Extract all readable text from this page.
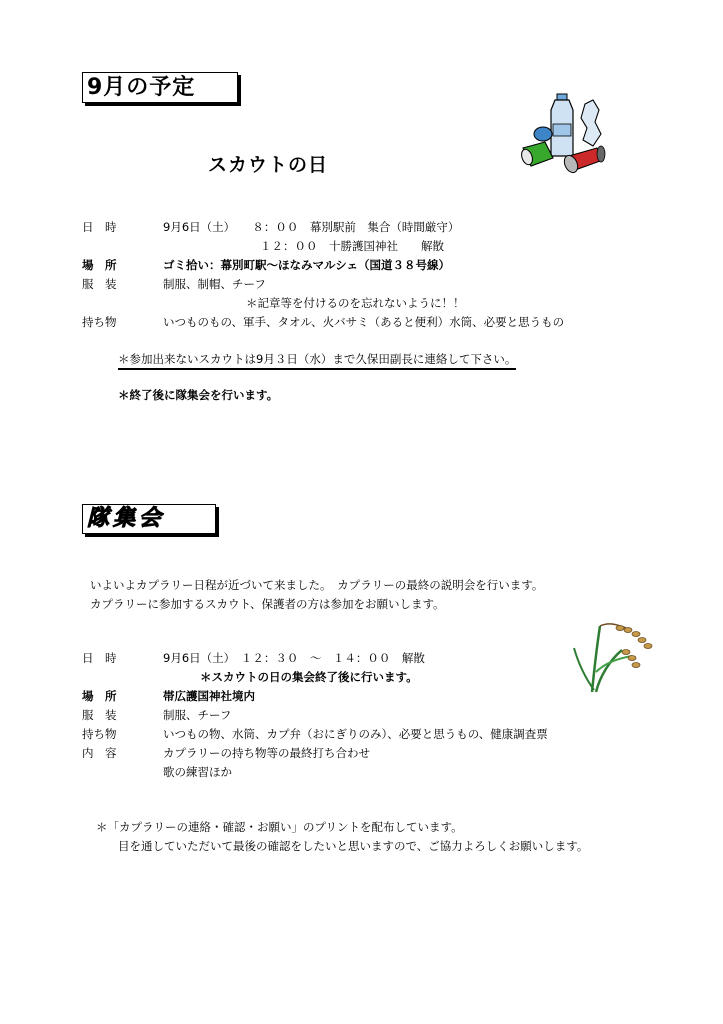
9月の予定
スカウトの日
日　時	9月6日（土）　　８：００　幕別駅前　集合（時間厳守）
１２：００　十勝護国神社　　解散
場　所	ゴミ拾い：幕別町駅～ほなみマルシェ（国道３８号線）
服　装	制服、制帽、チーフ
＊記章等を付けるのを忘れないように！！
持ち物	いつものもの、軍手、タオル、火バサミ（あると便利）水筒、必要と思うもの
＊参加出来ないスカウトは9月３日（水）まで久保田副長に連絡して下さい。
＊終了後に隊集会を行います。
隊集会
いよいよカプラリー日程が近づいて来ました。　カプラリーの最終の説明会を行います。
カプラリーに参加するスカウト、保護者の方は参加をお願いします。
日　時	9月6日（土）　１２：３０　～　１４：００　解散
＊スカウトの日の集会終了後に行います。
場　所	帯広護国神社境内
服　装	制服、チーフ
持ち物	いつもの物、水筒、カプ弁（おにぎりのみ）、必要と思うもの、健康調査票
内　容	カプラリーの持ち物等の最終打ち合わせ
歌の練習ほか
＊「カプラリーの連絡・確認・お願い」のプリントを配布しています。
目を通していただいて最後の確認をしたいと思いますので、ご協力よろしくお願いします。
